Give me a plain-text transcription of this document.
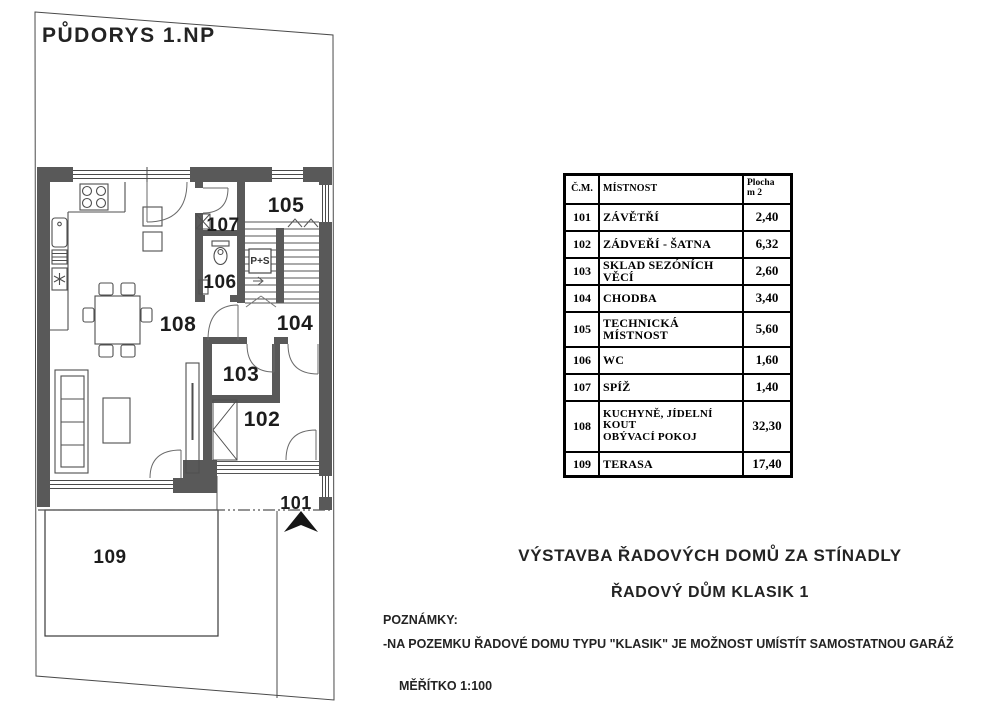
P+S
101
102
103
104
105
106
107
108
109
PŮDORYS 1.NP
Č.M.	MÍSTNOST	Plocha
m 2

101	ZÁVĚTŘÍ	2,40
102	ZÁDVEŘÍ - ŠATNA	6,32
103	SKLAD SEZÓNÍCH VĚCÍ	2,60
104	CHODBA	3,40
105	TECHNICKÁ MÍSTNOST	5,60
106	WC	1,60
107	SPÍŽ	1,40
108	KUCHYNĚ, JÍDELNÍ KOUT
OBÝVACÍ POKOJ	32,30
109	TERASA	17,40
VÝSTAVBA ŘADOVÝCH DOMŮ ZA STÍNADLY
ŘADOVÝ DŮM KLASIK 1
POZNÁMKY:
-NA POZEMKU ŘADOVÉ DOMU TYPU "KLASIK" JE MOŽNOST UMÍSTÍT SAMOSTATNOU GARÁŽ
MĚŘÍTKO 1:100
